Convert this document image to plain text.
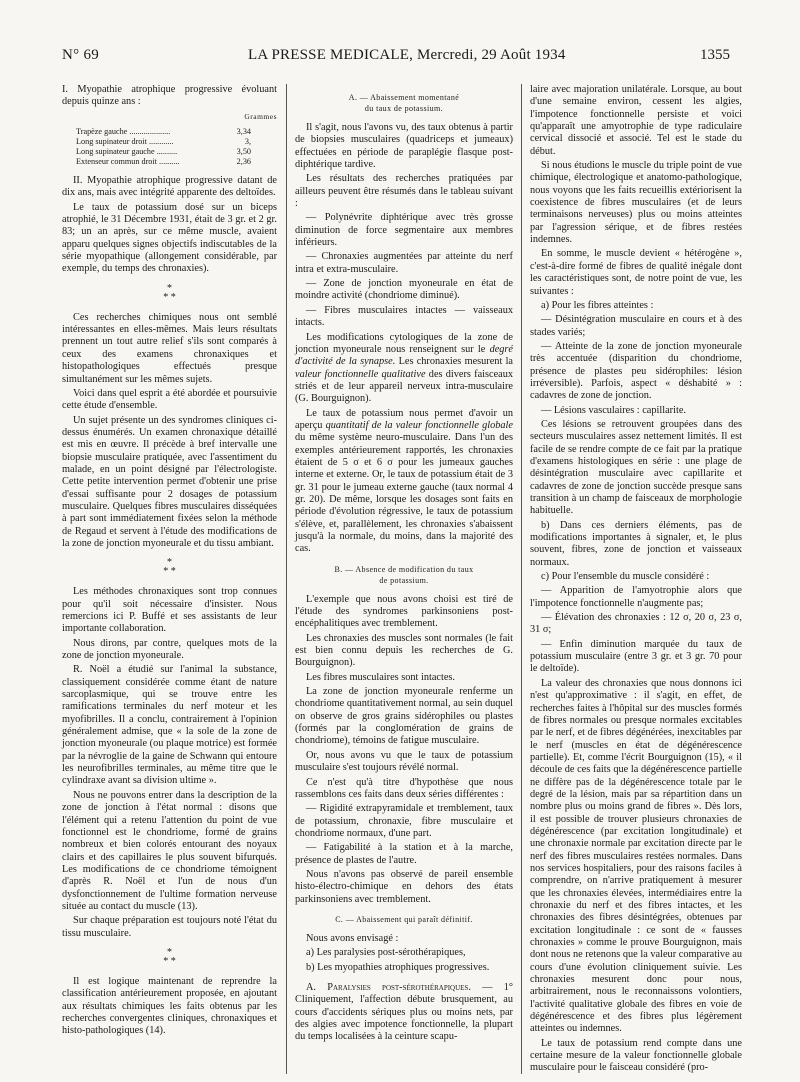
N° 69	LA PRESSE MEDICALE, Mercredi, 29 Août 1934	1355

I. Myopathie atrophique progressive évoluant depuis quinze ans :

Grammes
Trapèze gauche ....................	3,34
Long supinateur droit ............	3,
Long supinateur gauche ..........	3,50
Extenseur commun droit ..........	2,36

II. Myopathie atrophique progressive datant de dix ans, mais avec intégrité apparente des deltoïdes.

Le taux de potassium dosé sur un biceps atrophié, le 31 Décembre 1931, était de 3 gr. et 2 gr. 83; un an après, sur ce même muscle, avaient apparu quelques signes objectifs indiscutables de la série myopathique (allongement considérable, par exemple, du temps des chronaxies).

*
* *

Ces recherches chimiques nous ont semblé intéressantes en elles-mêmes. Mais leurs résultats prennent un tout autre relief s'ils sont comparés à ceux des examens chronaxiques et histopathologiques effectués presque simultanément sur les mêmes sujets.

Voici dans quel esprit a été abordée et poursuivie cette étude d'ensemble.

Un sujet présente un des syndromes cliniques ci-dessus énumérés. Un examen chronaxique détaillé est mis en œuvre. Il précède à bref intervalle une biopsie musculaire pratiquée, avec l'assentiment du malade, en un point désigné par l'électrologiste. Cette petite intervention permet d'obtenir une prise d'essai suffisante pour 2 dosages de potassium musculaire. Quelques fibres musculaires disséquées à part sont immédiatement fixées selon la méthode de Regaud et servent à l'étude des modifications de la zone de jonction myoneurale et du tissu ambiant.

*
* *

Les méthodes chronaxiques sont trop connues pour qu'il soit nécessaire d'insister. Nous remercions ici P. Buffé et ses assistants de leur importante collaboration.

Nous dirons, par contre, quelques mots de la zone de jonction myoneurale.

R. Noël a étudié sur l'animal la substance, classiquement considérée comme étant de nature sarcoplasmique, qui se trouve entre les ramifications terminales du nerf moteur et les myofibrilles. Il a conclu, contrairement à l'opinion généralement admise, que « la sole de la zone de jonction myoneurale (ou plaque motrice) est formée par la névroglie de la gaine de Schwann qui entoure les neurofibrilles terminales, au même titre que le cylindraxe avant sa division ultime ».

Nous ne pouvons entrer dans la description de la zone de jonction à l'état normal : disons que l'élément qui a retenu l'attention du point de vue fonctionnel est le chondriome, formé de grains nombreux et bien colorés entourant des noyaux clairs et des capillaires le plus souvent bifurqués. Les modifications de ce chondriome témoignent d'après R. Noël et l'un de nous d'un dysfonctionnement de l'ultime formation nerveuse située au contact du muscle (13).

Sur chaque préparation est toujours noté l'état du tissu musculaire.

*
* *

Il est logique maintenant de reprendre la classification antérieurement proposée, en ajoutant aux résultats chimiques les faits obtenus par les recherches convergentes cliniques, chronaxiques et histo-pathologiques (14).

A. — Abaissement momentané
du taux de potassium.

Il s'agit, nous l'avons vu, des taux obtenus à partir de biopsies musculaires (quadriceps et jumeaux) effectuées en période de paraplégie flasque post-diphtérique tardive.

Les résultats des recherches pratiquées par ailleurs peuvent être résumés dans le tableau suivant :

— Polynévrite diphtérique avec très grosse diminution de force segmentaire aux membres inférieurs.

— Chronaxies augmentées par atteinte du nerf intra et extra-musculaire.

— Zone de jonction myoneurale en état de moindre activité (chondriome diminué).

— Fibres musculaires intactes — vaisseaux intacts.

Les modifications cytologiques de la zone de jonction myoneurale nous renseignent sur le degré d'activité de la synapse. Les chronaxies mesurent la valeur fonctionnelle qualitative des divers faisceaux striés et de leur appareil nerveux intra-musculaire (G. Bourguignon).

Le taux de potassium nous permet d'avoir un aperçu quantitatif de la valeur fonctionnelle globale du même système neuro-musculaire. Dans l'un des exemples antérieurement rapportés, les chronaxies étaient de 5 σ et 6 σ pour les jumeaux gauches interne et externe. Or, le taux de potassium était de 3 gr. 31 pour le jumeau externe gauche (taux normal 4 gr. 20). De même, lorsque les dosages sont faits en période d'évolution régressive, le taux de potassium s'élève, et, parallèlement, les chronaxies s'abaissent jusqu'à la normale, du moins, dans la majorité des cas.

B. — Absence de modification du taux
de potassium.

L'exemple que nous avons choisi est tiré de l'étude des syndromes parkinsoniens post-encéphalitiques avec tremblement.

Les chronaxies des muscles sont normales (le fait est bien connu depuis les recherches de G. Bourguignon).

Les fibres musculaires sont intactes.

La zone de jonction myoneurale renferme un chondriome quantitativement normal, au sein duquel on observe de gros grains sidérophiles ou plastes (formés par la conglomération de grains de chondriome), témoins de fatigue musculaire.

Or, nous avons vu que le taux de potassium musculaire s'est toujours révélé normal.

Ce n'est qu'à titre d'hypothèse que nous rassemblons ces faits dans deux séries différentes :

— Rigidité extrapyramidale et tremblement, taux de potassium, chronaxie, fibre musculaire et chondriome normaux, d'une part.

— Fatigabilité à la station et à la marche, présence de plastes de l'autre.

Nous n'avons pas observé de pareil ensemble histo-électro-chimique en dehors des états parkinsoniens avec tremblement.

C. — Abaissement qui paraît définitif.

Nous avons envisagé :

a) Les paralysies post-sérothérapiques,

b) Les myopathies atrophiques progressives.

A. Paralysies post-sérothérapiques. — 1° Cliniquement, l'affection débute brusquement, au cours d'accidents sériques plus ou moins nets, par des algies avec impotence fonctionnelle, la plupart du temps localisées à la ceinture scapu-

laire avec majoration unilatérale. Lorsque, au bout d'une semaine environ, cessent les algies, l'impotence fonctionnelle persiste et voici qu'apparaît une amyotrophie de type radiculaire cervical dissocié et associé. Tel est le stade du début.

Si nous étudions le muscle du triple point de vue chimique, électrologique et anatomo-pathologique, nous voyons que les faits recueillis extériorisent la coexistence de fibres musculaires (et de leurs terminaisons nerveuses) plus ou moins atteintes par l'agression sérique, et de fibres restées indemnes.

En somme, le muscle devient « hétérogène », c'est-à-dire formé de fibres de qualité inégale dont les caractéristiques sont, de notre point de vue, les suivantes :

a) Pour les fibres atteintes :

— Désintégration musculaire en cours et à des stades variés;

— Atteinte de la zone de jonction myoneurale très accentuée (disparition du chondriome, présence de plastes peu sidérophiles: lésion irréversible). Parfois, aspect « déshabité » : cadavres de zone de jonction.

— Lésions vasculaires : capillarite.

Ces lésions se retrouvent groupées dans des secteurs musculaires assez nettement limités. Il est facile de se rendre compte de ce fait par la pratique d'examens histologiques en série : une plage de désintégration musculaire avec capillarite et cadavres de zone de jonction succède presque sans transition à un champ de faisceaux de morphologie habituelle.

b) Dans ces derniers éléments, pas de modifications importantes à signaler, et, le plus souvent, fibres, zone de jonction et vaisseaux normaux.

c) Pour l'ensemble du muscle considéré :

— Apparition de l'amyotrophie alors que l'impotence fonctionnelle n'augmente pas;

— Élévation des chronaxies : 12 σ, 20 σ, 23 σ, 31 σ;

— Enfin diminution marquée du taux de potassium musculaire (entre 3 gr. et 3 gr. 70 pour le deltoïde).

La valeur des chronaxies que nous donnons ici n'est qu'approximative : il s'agit, en effet, de recherches faites à l'hôpital sur des muscles formés de fibres normales ou presque normales excitables par le nerf, et de fibres dégénérées, inexcitables par le nerf (muscles en état de dégénérescence partielle). Et, comme l'écrit Bourguignon (15), « il découle de ces faits que la dégénérescence partielle ne diffère pas de la dégénérescence totale par le degré de la lésion, mais par sa répartition dans un nombre plus ou moins grand de fibres ». Dès lors, il est possible de trouver plusieurs chronaxies de dégénérescence (par excitation longitudinale) et une chronaxie normale par excitation directe par le nerf des fibres musculaires restées normales. Dans nos services hospitaliers, pour des raisons faciles à comprendre, on n'arrive pratiquement à mesurer que les chronaxies élevées, intermédiaires entre la chronaxie du nerf et des fibres intactes, et les chronaxies des fibres désintégrées, obtenues par excitation longitudinale : ce sont de « fausses chronaxies » comme le prouve Bourguignon, mais dont nous ne retenons que la valeur comparative au cours d'une évolution cliniquement suivie. Les chronaxies mesurent donc pour nous, arbitrairement, nous le reconnaissons volontiers, l'activité qualitative globale des fibres en voie de dégénérescence et des fibres plus légèrement atteintes ou indemnes.

Le taux de potassium rend compte dans une certaine mesure de la valeur fonctionnelle globale musculaire pour le faisceau considéré (pro-
